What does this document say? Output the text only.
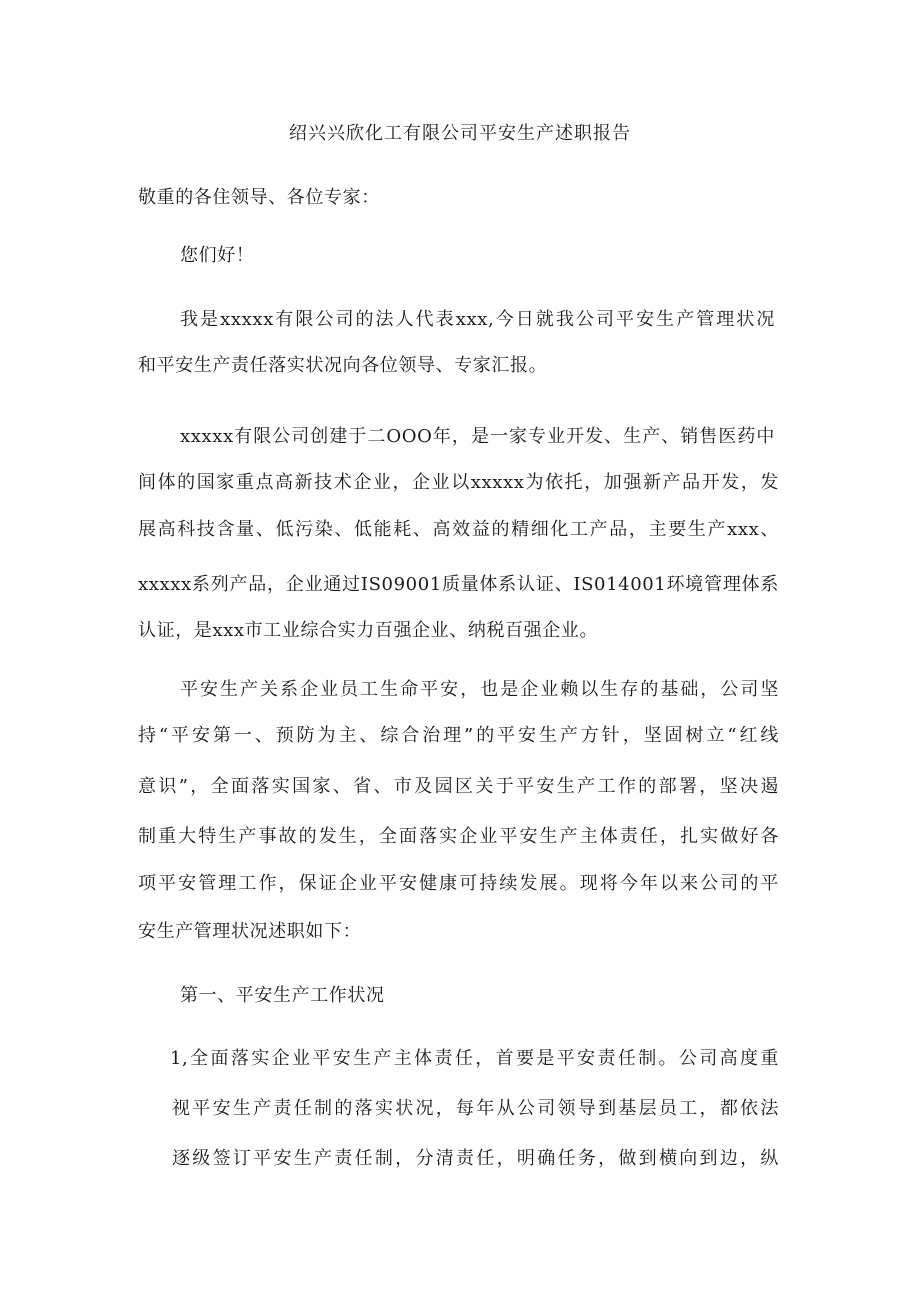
绍兴兴欣化工有限公司平安生产述职报告
敬重的各住领导、各位专家：
您们好！
我是xxxxx有限公司的法人代表xxx,今日就我公司平安生产管理状况
和平安生产责任落实状况向各位领导、专家汇报。
xxxxx有限公司创建于二OOO年，是一家专业开发、生产、销售医药中
间体的国家重点高新技术企业，企业以xxxxx为依托，加强新产品开发，发
展高科技含量、低污染、低能耗、高效益的精细化工产品，主要生产xxx、
xxxxx系列产品，企业通过IS09001质量体系认证、IS014001环境管理体系
认证，是xxx市工业综合实力百强企业、纳税百强企业。
平安生产关系企业员工生命平安，也是企业赖以生存的基础，公司坚
持“平安第一、预防为主、综合治理”的平安生产方针，坚固树立“红线
意识”，全面落实国家、省、市及园区关于平安生产工作的部署，坚决遏
制重大特生产事故的发生，全面落实企业平安生产主体责任，扎实做好各
项平安管理工作，保证企业平安健康可持续发展。现将今年以来公司的平
安生产管理状况述职如下：
第一、平安生产工作状况
1,全面落实企业平安生产主体责任，首要是平安责任制。公司高度重
视平安生产责任制的落实状况，每年从公司领导到基层员工，都依法
逐级签订平安生产责任制，分清责任，明确任务，做到横向到边，纵
